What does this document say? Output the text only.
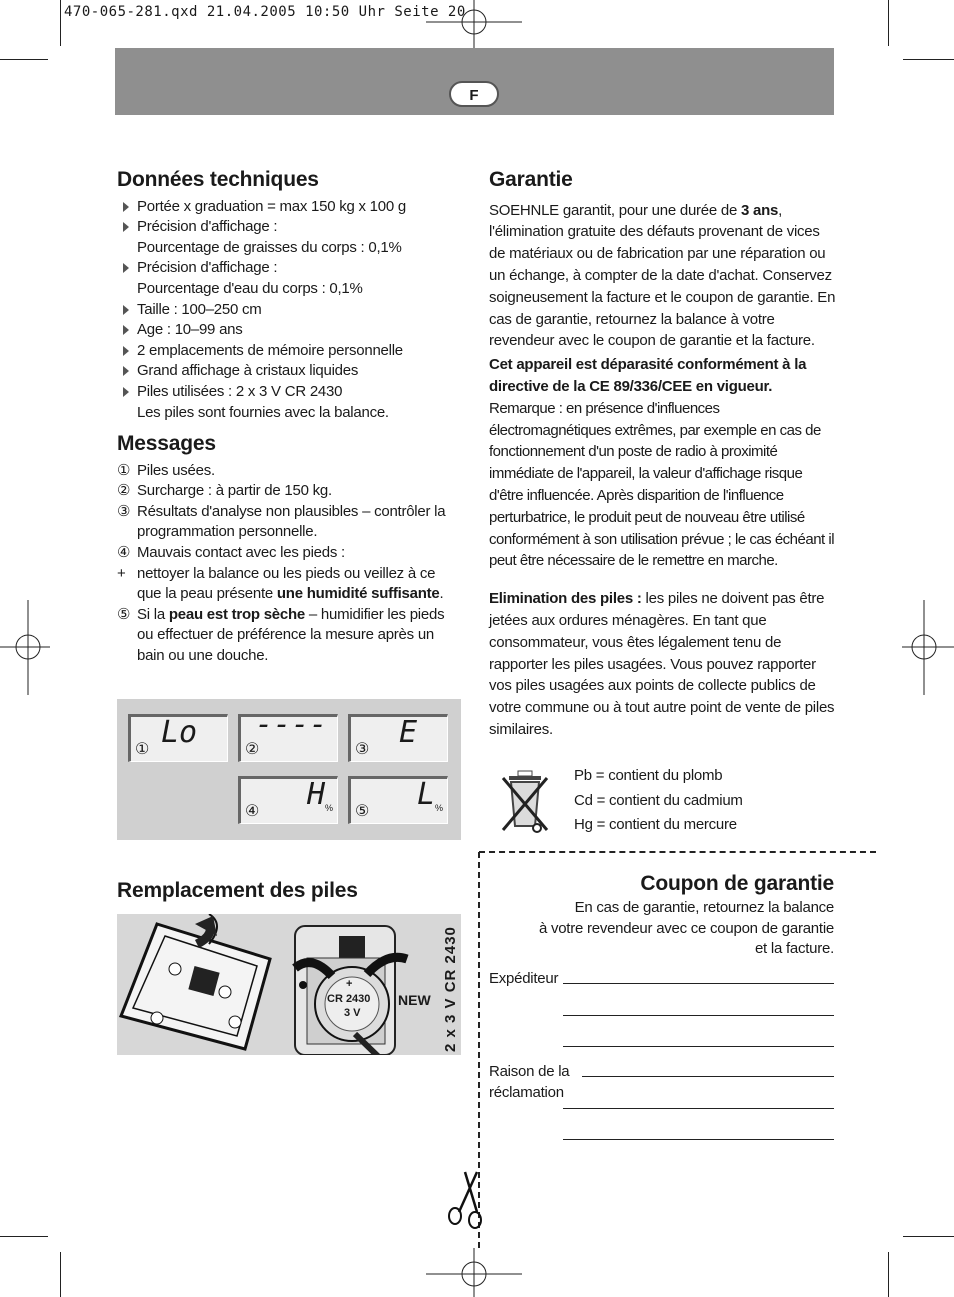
470-065-281.qxd 21.04.2005 10:50 Uhr Seite 20
F
Données techniques
Portée x graduation = max 150 kg x 100 g
Précision d'affichage :
Pourcentage de graisses du corps : 0,1%
Précision d'affichage :
Pourcentage d'eau du corps : 0,1%
Taille : 100–250 cm
Age : 10–99 ans
2 emplacements de mémoire personnelle
Grand affichage à cristaux liquides
Piles utilisées : 2 x 3 V CR 2430
Les piles sont fournies avec la balance.
Messages
① Piles usées.
② Surcharge : à partir de 150 kg.
③ Résultats d'analyse non plausibles – contrôler la programmation personnelle.
④ Mauvais contact avec les pieds :
+ nettoyer la balance ou les pieds ou veillez à ce que la peau présente une humidité suffisante.
⑤ Si la peau est trop sèche – humidifier les pieds ou effectuer de préférence la mesure après un bain ou une douche.
Lo
①
----
②	E
③
H
④	%	L
⑤	%
Remplacement des piles
+
CR 2430
3 V
NEW 2 x 3 V CR 2430
Garantie

SOEHNLE garantit, pour une durée de 3 ans, l'élimination gratuite des défauts provenant de vices de matériaux ou de fabrication par une réparation ou un échange, à compter de la date d'achat. Conservez soigneusement la facture et le coupon de garantie. En cas de garantie, retournez la balance à votre revendeur avec le coupon de garantie et la facture.

Cet appareil est déparasité conformément à la directive de la CE 89/336/CEE en vigueur.

Remarque : en présence d'influences électromagnétiques extrêmes, par exemple en cas de fonctionnement d'un poste de radio à proximité immédiate de l'appareil, la valeur d'affichage risque d'être influencée. Après disparition de l'influence perturbatrice, le produit peut de nouveau être utilisé conformément à son utilisation prévue ; le cas échéant il peut être nécessaire de le remettre en marche.

Elimination des piles : les piles ne doivent pas être jetées aux ordures ménagères. En tant que consommateur, vous êtes légalement tenu de rapporter les piles usagées. Vous pouvez rapporter vos piles usagées aux points de collecte publics de votre commune ou à tout autre point de vente de piles similaires.

Pb = contient du plomb
Cd = contient du cadmium
Hg = contient du mercure
Coupon de garantie
En cas de garantie, retournez la balance
à votre revendeur avec ce coupon de garantie
et la facture.
Expéditeur
Raison de la
réclamation
